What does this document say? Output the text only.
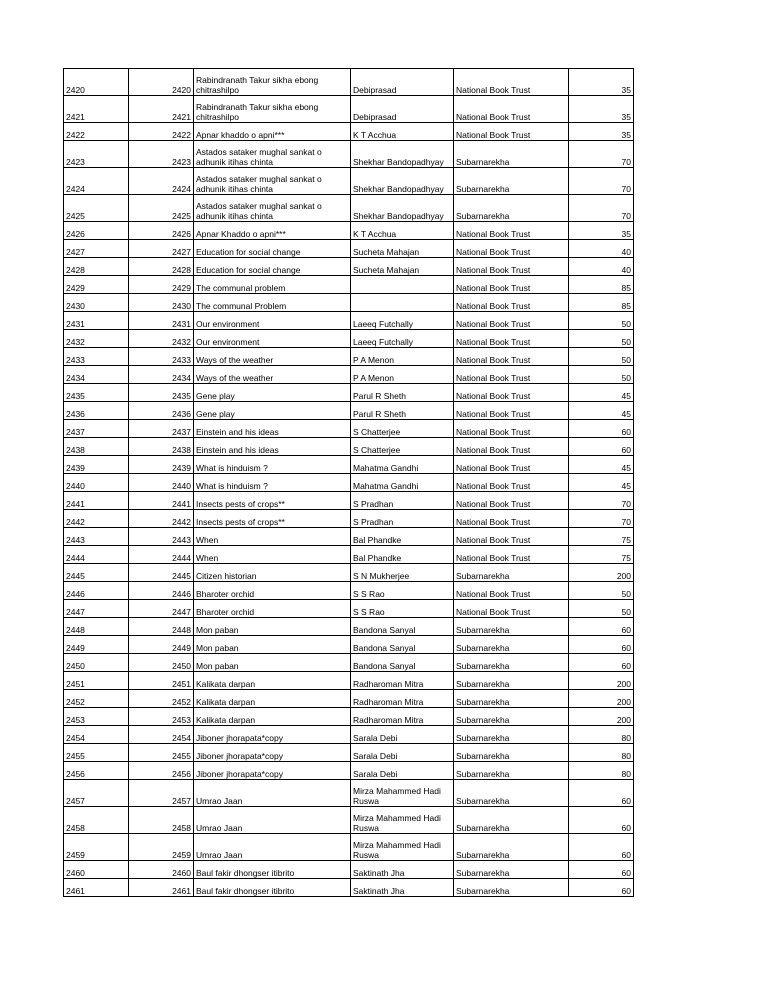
2420	2420	Rabindranath Takur sikha ebong chitrashilpo	Debiprasad	National Book Trust	35
2421	2421	Rabindranath Takur sikha ebong chitrashilpo	Debiprasad	National Book Trust	35
2422	2422	Apnar khaddo o apni***	K T Acchua	National Book Trust	35
2423	2423	Astados sataker mughal sankat o adhunik itihas chinta	Shekhar Bandopadhyay	Subarnarekha	70
2424	2424	Astados sataker mughal sankat o adhunik itihas chinta	Shekhar Bandopadhyay	Subarnarekha	70
2425	2425	Astados sataker mughal sankat o adhunik itihas chinta	Shekhar Bandopadhyay	Subarnarekha	70
2426	2426	Apnar Khaddo o apni***	K T Acchua	National Book Trust	35
2427	2427	Education for social change	Sucheta Mahajan	National Book Trust	40
2428	2428	Education for social change	Sucheta Mahajan	National Book Trust	40
2429	2429	The communal problem		National Book Trust	85
2430	2430	The communal Problem		National Book Trust	85
2431	2431	Our environment	Laeeq Futchally	National Book Trust	50
2432	2432	Our environment	Laeeq Futchally	National Book Trust	50
2433	2433	Ways of the weather	P A Menon	National Book Trust	50
2434	2434	Ways of the weather	P A Menon	National Book Trust	50
2435	2435	Gene play	Parul R Sheth	National Book Trust	45
2436	2436	Gene play	Parul R Sheth	National Book Trust	45
2437	2437	Einstein and his ideas	S Chatterjee	National Book Trust	60
2438	2438	Einstein and his ideas	S Chatterjee	National Book Trust	60
2439	2439	What is hinduism ?	Mahatma Gandhi	National Book Trust	45
2440	2440	What is hinduism ?	Mahatma Gandhi	National Book Trust	45
2441	2441	Insects pests of crops**	S Pradhan	National Book Trust	70
2442	2442	Insects pests of crops**	S Pradhan	National Book Trust	70
2443	2443	When	Bal Phandke	National Book Trust	75
2444	2444	When	Bal Phandke	National Book Trust	75
2445	2445	Citizen historian	S N Mukherjee	Subarnarekha	200
2446	2446	Bharoter orchid	S S Rao	National Book Trust	50
2447	2447	Bharoter orchid	S S Rao	National Book Trust	50
2448	2448	Mon paban	Bandona Sanyal	Subarnarekha	60
2449	2449	Mon paban	Bandona Sanyal	Subarnarekha	60
2450	2450	Mon paban	Bandona Sanyal	Subarnarekha	60
2451	2451	Kalikata darpan	Radharoman Mitra	Subarnarekha	200
2452	2452	Kalikata darpan	Radharoman Mitra	Subarnarekha	200
2453	2453	Kalikata darpan	Radharoman Mitra	Subarnarekha	200
2454	2454	Jiboner jhorapata*copy	Sarala Debi	Subarnarekha	80
2455	2455	Jiboner jhorapata*copy	Sarala Debi	Subarnarekha	80
2456	2456	Jiboner jhorapata*copy	Sarala Debi	Subarnarekha	80
2457	2457	Umrao Jaan	Mirza Mahammed Hadi Ruswa	Subarnarekha	60
2458	2458	Umrao Jaan	Mirza Mahammed Hadi Ruswa	Subarnarekha	60
2459	2459	Umrao Jaan	Mirza Mahammed Hadi Ruswa	Subarnarekha	60
2460	2460	Baul fakir dhongser itibrito	Saktinath Jha	Subarnarekha	60
2461	2461	Baul fakir dhongser itibrito	Saktinath Jha	Subarnarekha	60
